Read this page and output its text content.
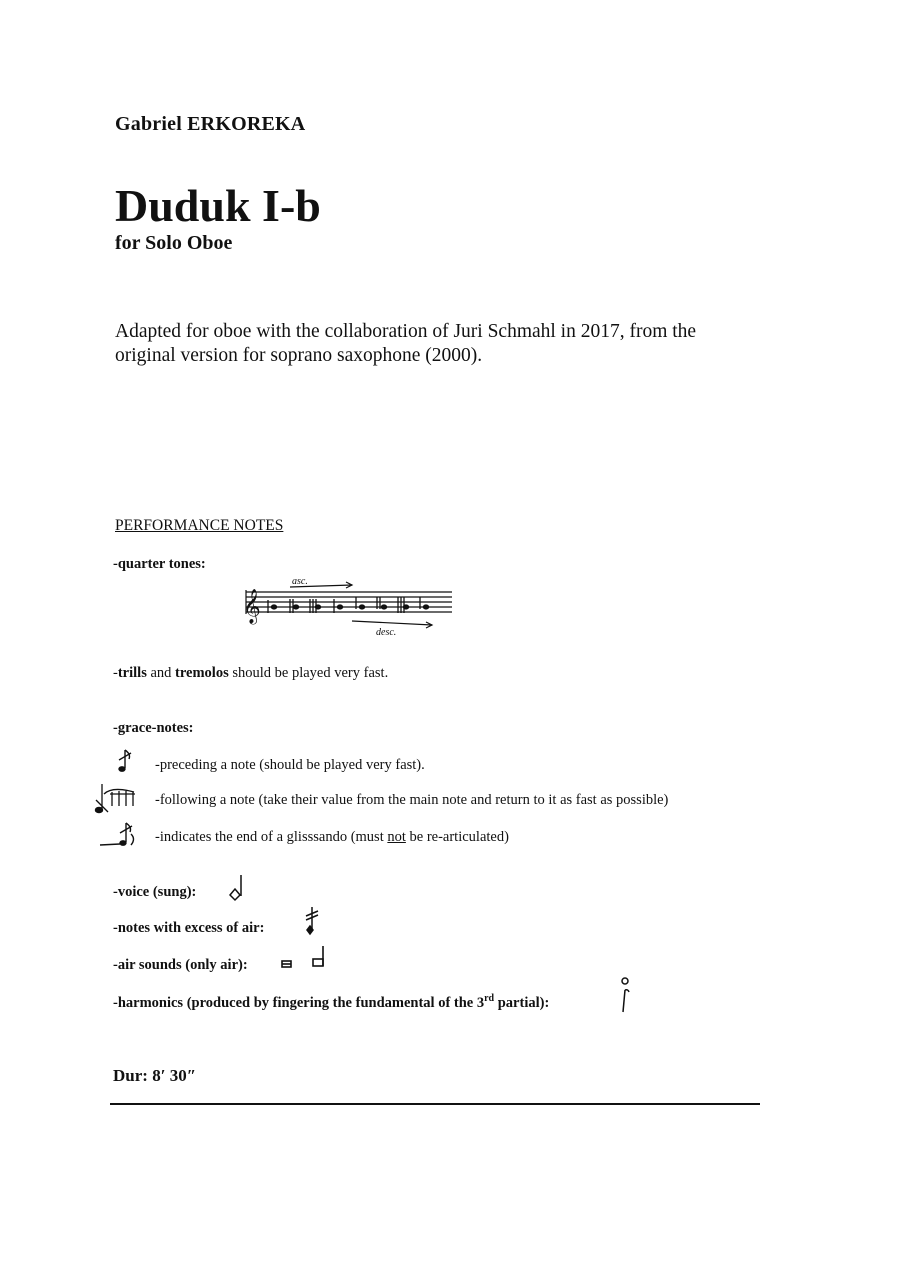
Gabriel ERKOREKA
Duduk I-b
for Solo Oboe
Adapted for oboe with the collaboration of Juri Schmahl in 2017, from the original version for soprano saxophone (2000).
PERFORMANCE NOTES
-quarter tones:
𝄞
asc.
desc.
-trills and tremolos should be played very fast.
-grace-notes:
-preceding a note (should be played very fast).
-following a note (take their value from the main note and return to it as fast as possible)
-indicates the end of a glisssando (must not be re-articulated)
-voice (sung):
-notes with excess of air:
-air sounds (only air):
-harmonics (produced by fingering the fundamental of the 3rd partial):
Dur: 8′ 30″
